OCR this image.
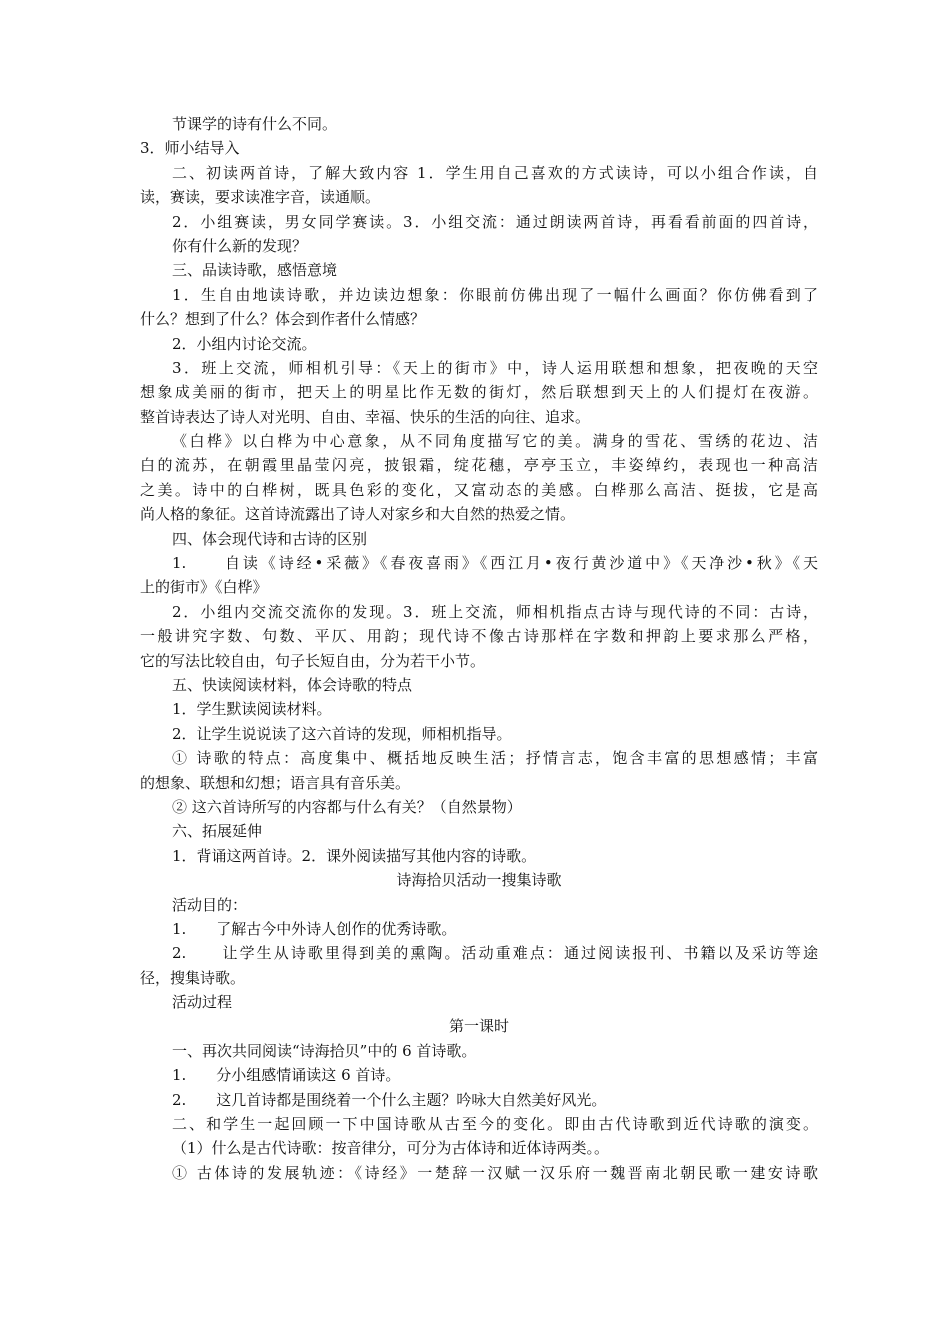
节课学的诗有什么不同。
3．师小结导入
二、初读两首诗，了解大致内容 1．学生用自己喜欢的方式读诗，可以小组合作读，自
读，赛读，要求读准字音，读通顺。
2．小组赛读，男女同学赛读。3．小组交流：通过朗读两首诗，再看看前面的四首诗，
你有什么新的发现？
三、品读诗歌，感悟意境
1．生自由地读诗歌，并边读边想象：你眼前仿佛出现了一幅什么画面？你仿佛看到了
什么？想到了什么？体会到作者什么情感？
2．小组内讨论交流。
3．班上交流，师相机引导：《天上的街市》中，诗人运用联想和想象，把夜晚的天空
想象成美丽的街市，把天上的明星比作无数的街灯，然后联想到天上的人们提灯在夜游。
整首诗表达了诗人对光明、自由、幸福、快乐的生活的向往、追求。
《白桦》以白桦为中心意象，从不同角度描写它的美。满身的雪花、雪绣的花边、洁
白的流苏，在朝霞里晶莹闪亮，披银霜，绽花穗，亭亭玉立，丰姿绰约，表现也一种高洁
之美。诗中的白桦树，既具色彩的变化，又富动态的美感。白桦那么高洁、挺拔，它是高
尚人格的象征。这首诗流露出了诗人对家乡和大自然的热爱之情。
四、体会现代诗和古诗的区别
1.　　自读《诗经•采薇》《春夜喜雨》《西江月•夜行黄沙道中》《天净沙•秋》《天
上的街市》《白桦》
2．小组内交流交流你的发现。3．班上交流，师相机指点古诗与现代诗的不同：古诗，
一般讲究字数、句数、平仄、用韵；现代诗不像古诗那样在字数和押韵上要求那么严格，
它的写法比较自由，句子长短自由，分为若干小节。
五、快读阅读材料，体会诗歌的特点
1．学生默读阅读材料。
2．让学生说说读了这六首诗的发现，师相机指导。
① 诗歌的特点：高度集中、概括地反映生活；抒情言志，饱含丰富的思想感情；丰富
的想象、联想和幻想；语言具有音乐美。
② 这六首诗所写的内容都与什么有关？（自然景物）
六、拓展延伸
1．背诵这两首诗。2．课外阅读描写其他内容的诗歌。
诗海拾贝活动一搜集诗歌
活动目的：
1.　　了解古今中外诗人创作的优秀诗歌。
2.　　让学生从诗歌里得到美的熏陶。活动重难点：通过阅读报刊、书籍以及采访等途
径，搜集诗歌。
活动过程
第一课时
一、再次共同阅读“诗海拾贝”中的 6 首诗歌。
1.　　分小组感情诵读这 6 首诗。
2.　　这几首诗都是围绕着一个什么主题？吟咏大自然美好风光。
二、和学生一起回顾一下中国诗歌从古至今的变化。即由古代诗歌到近代诗歌的演变。
（1）什么是古代诗歌：按音律分，可分为古体诗和近体诗两类。。
① 古体诗的发展轨迹：《诗经》一楚辞一汉赋一汉乐府一魏晋南北朝民歌一建安诗歌
